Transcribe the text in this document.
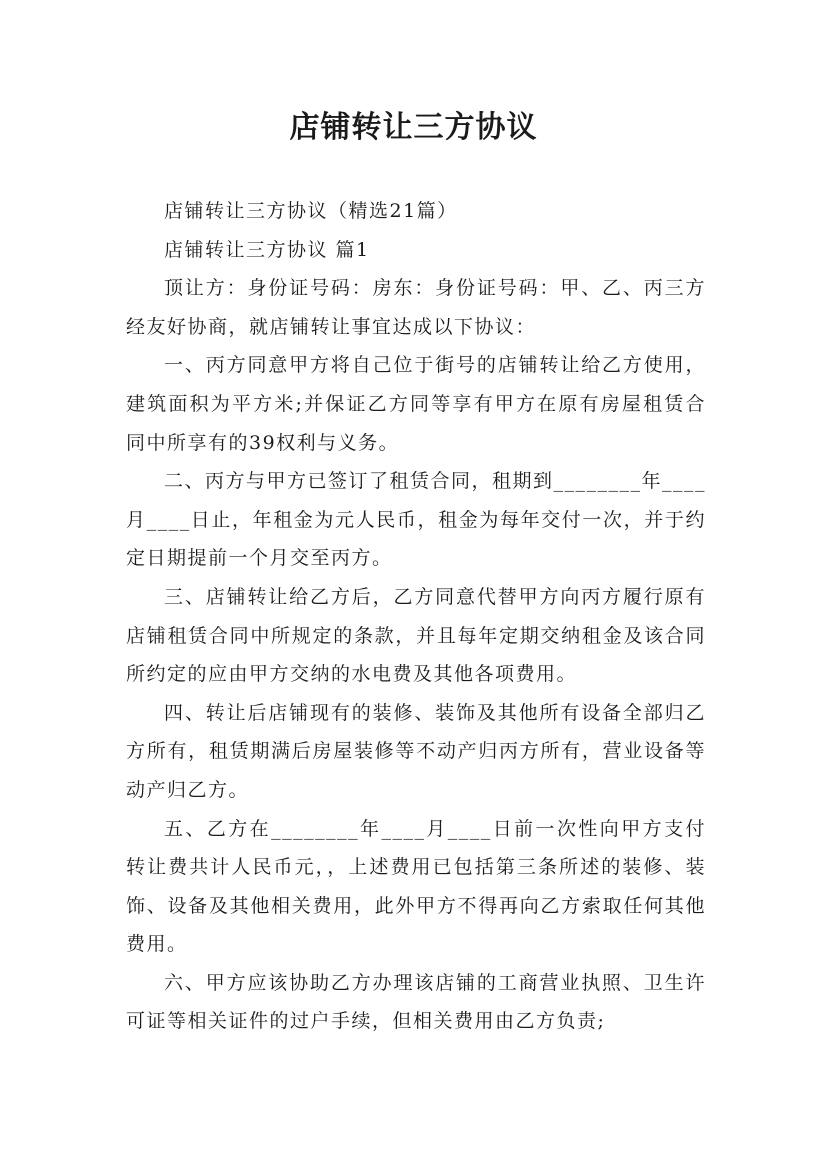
店铺转让三方协议

店铺转让三方协议（精选21篇）

店铺转让三方协议 篇1

顶让方：身份证号码：房东：身份证号码：甲、乙、丙三方经友好协商，就店铺转让事宜达成以下协议：

一、丙方同意甲方将自己位于街号的店铺转让给乙方使用，建筑面积为平方米;并保证乙方同等享有甲方在原有房屋租赁合同中所享有的39权利与义务。

二、丙方与甲方已签订了租赁合同，租期到________年____月____日止，年租金为元人民币，租金为每年交付一次，并于约定日期提前一个月交至丙方。

三、店铺转让给乙方后，乙方同意代替甲方向丙方履行原有店铺租赁合同中所规定的条款，并且每年定期交纳租金及该合同所约定的应由甲方交纳的水电费及其他各项费用。

四、转让后店铺现有的装修、装饰及其他所有设备全部归乙方所有，租赁期满后房屋装修等不动产归丙方所有，营业设备等动产归乙方。

五、乙方在________年____月____日前一次性向甲方支付转让费共计人民币元，，上述费用已包括第三条所述的装修、装饰、设备及其他相关费用，此外甲方不得再向乙方索取任何其他费用。

六、甲方应该协助乙方办理该店铺的工商营业执照、卫生许可证等相关证件的过户手续，但相关费用由乙方负责;
